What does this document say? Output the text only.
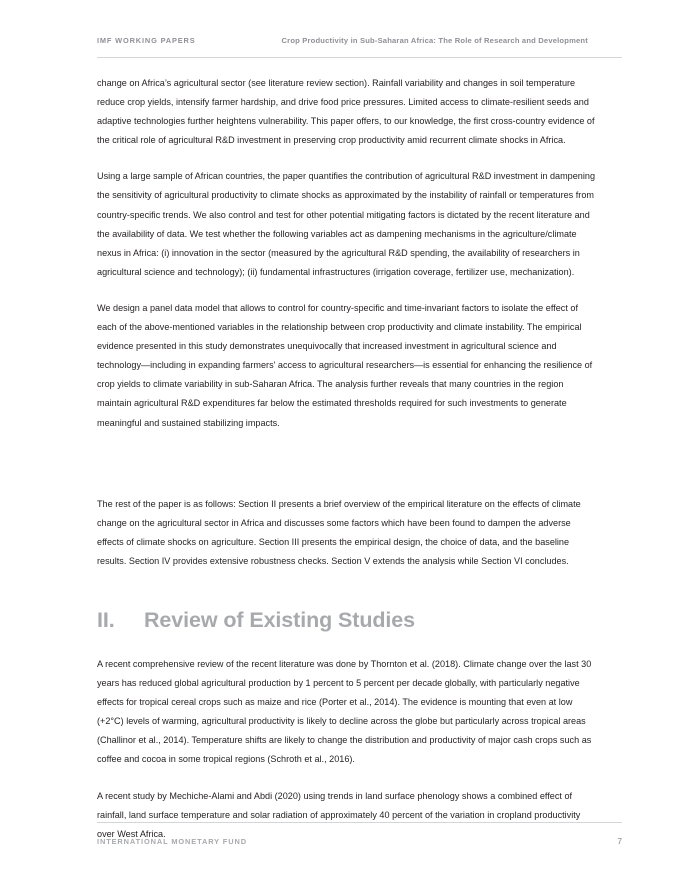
IMF WORKING PAPERS	Crop Productivity in Sub-Saharan Africa: The Role of Research and Development

change on Africa’s agricultural sector (see literature review section). Rainfall variability and changes in soil temperature reduce crop yields, intensify farmer hardship, and drive food price pressures. Limited access to climate-resilient seeds and adaptive technologies further heightens vulnerability. This paper offers, to our knowledge, the first cross-country evidence of the critical role of agricultural R&D investment in preserving crop productivity amid recurrent climate shocks in Africa.

Using a large sample of African countries, the paper quantifies the contribution of agricultural R&D investment in dampening the sensitivity of agricultural productivity to climate shocks as approximated by the instability of rainfall or temperatures from country-specific trends. We also control and test for other potential mitigating factors is dictated by the recent literature and the availability of data. We test whether the following variables act as dampening mechanisms in the agriculture/climate nexus in Africa: (i) innovation in the sector (measured by the agricultural R&D spending, the availability of researchers in agricultural science and technology); (ii) fundamental infrastructures (irrigation coverage, fertilizer use, mechanization).

We design a panel data model that allows to control for country-specific and time-invariant factors to isolate the effect of each of the above-mentioned variables in the relationship between crop productivity and climate instability. The empirical evidence presented in this study demonstrates unequivocally that increased investment in agricultural science and technology—including in expanding farmers' access to agricultural researchers—is essential for enhancing the resilience of crop yields to climate variability in sub-Saharan Africa. The analysis further reveals that many countries in the region maintain agricultural R&D expenditures far below the estimated thresholds required for such investments to generate meaningful and sustained stabilizing impacts.

The rest of the paper is as follows: Section II presents a brief overview of the empirical literature on the effects of climate change on the agricultural sector in Africa and discusses some factors which have been found to dampen the adverse effects of climate shocks on agriculture. Section III presents the empirical design, the choice of data, and the baseline results. Section IV provides extensive robustness checks. Section V extends the analysis while Section VI concludes.

II.	Review of Existing Studies

A recent comprehensive review of the recent literature was done by Thornton et al. (2018). Climate change over the last 30 years has reduced global agricultural production by 1 percent to 5 percent per decade globally, with particularly negative effects for tropical cereal crops such as maize and rice (Porter et al., 2014). The evidence is mounting that even at low (+2°C) levels of warming, agricultural productivity is likely to decline across the globe but particularly across tropical areas (Challinor et al., 2014). Temperature shifts are likely to change the distribution and productivity of major cash crops such as coffee and cocoa in some tropical regions (Schroth et al., 2016).

A recent study by Mechiche-Alami and Abdi (2020) using trends in land surface phenology shows a combined effect of rainfall, land surface temperature and solar radiation of approximately 40 percent of the variation in cropland productivity over West Africa.

INTERNATIONAL MONETARY FUND	7
